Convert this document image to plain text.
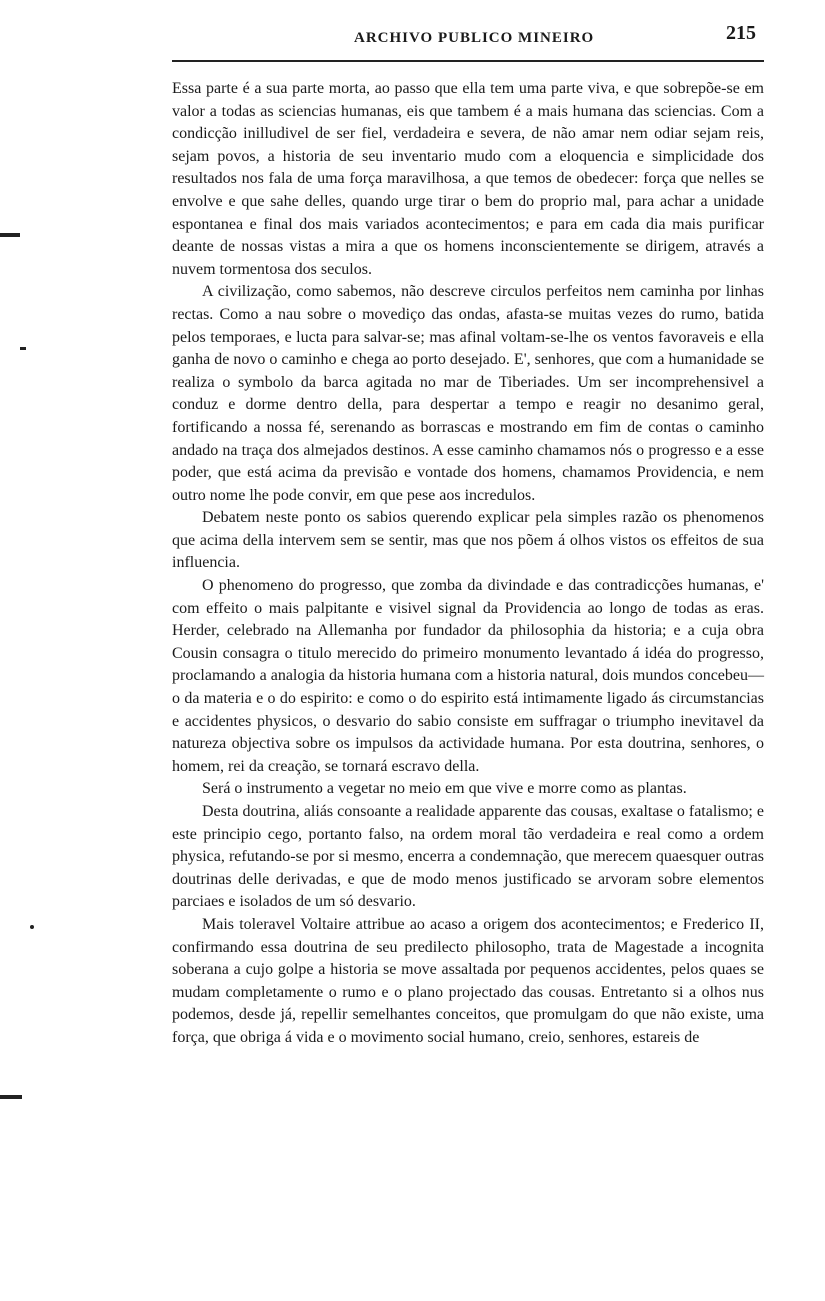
ARCHIVO PUBLICO MINEIRO	215

Essa parte é a sua parte morta, ao passo que ella tem uma parte viva, e que sobrepõe-se em valor a todas as sciencias humanas, eis que tambem é a mais humana das sciencias. Com a condicção inilludivel de ser fiel, verdadeira e severa, de não amar nem odiar sejam reis, sejam povos, a historia de seu inventario mudo com a eloquencia e simplicidade dos resultados nos fala de uma força maravilhosa, a que temos de obedecer: força que nelles se envolve e que sahe delles, quando urge tirar o bem do proprio mal, para achar a unidade espontanea e final dos mais variados acontecimentos; e para em cada dia mais purificar deante de nossas vistas a mira a que os homens inconscientemente se dirigem, através a nuvem tormentosa dos seculos.

A civilização, como sabemos, não descreve circulos perfeitos nem caminha por linhas rectas. Como a nau sobre o movediço das ondas, afasta-se muitas vezes do rumo, batida pelos temporaes, e lucta para salvar-se; mas afinal voltam-se-lhe os ventos favoraveis e ella ganha de novo o caminho e chega ao porto desejado. E', senhores, que com a humanidade se realiza o symbolo da barca agitada no mar de Tiberiades. Um ser incomprehensivel a conduz e dorme dentro della, para despertar a tempo e reagir no desanimo geral, fortificando a nossa fé, serenando as borrascas e mostrando em fim de contas o caminho andado na traça dos almejados destinos. A esse caminho chamamos nós o progresso e a esse poder, que está acima da previsão e vontade dos homens, chamamos Providencia, e nem outro nome lhe pode convir, em que pese aos incredulos.

Debatem neste ponto os sabios querendo explicar pela simples razão os phenomenos que acima della intervem sem se sentir, mas que nos põem á olhos vistos os effeitos de sua influencia.

O phenomeno do progresso, que zomba da divindade e das contradicções humanas, e' com effeito o mais palpitante e visivel signal da Providencia ao longo de todas as eras. Herder, celebrado na Allemanha por fundador da philosophia da historia; e a cuja obra Cousin consagra o titulo merecido do primeiro monumento levantado á idéa do progresso, proclamando a analogia da historia humana com a historia natural, dois mundos concebeu—o da materia e o do espirito: e como o do espirito está intimamente ligado ás circumstancias e accidentes physicos, o desvario do sabio consiste em suffragar o triumpho inevitavel da natureza objectiva sobre os impulsos da actividade humana. Por esta doutrina, senhores, o homem, rei da creação, se tornará escravo della.

Será o instrumento a vegetar no meio em que vive e morre como as plantas.

Desta doutrina, aliás consoante a realidade apparente das cousas, exaltase o fatalismo; e este principio cego, portanto falso, na ordem moral tão verdadeira e real como a ordem physica, refutando-se por si mesmo, encerra a condemnação, que merecem quaesquer outras doutrinas delle derivadas, e que de modo menos justificado se arvoram sobre elementos parciaes e isolados de um só desvario.

Mais toleravel Voltaire attribue ao acaso a origem dos acontecimentos; e Frederico II, confirmando essa doutrina de seu predilecto philosopho, trata de Magestade a incognita soberana a cujo golpe a historia se move assaltada por pequenos accidentes, pelos quaes se mudam completamente o rumo e o plano projectado das cousas. Entretanto si a olhos nus podemos, desde já, repellir semelhantes conceitos, que promulgam do que não existe, uma força, que obriga á vida e o movimento social humano, creio, senhores, estareis de
